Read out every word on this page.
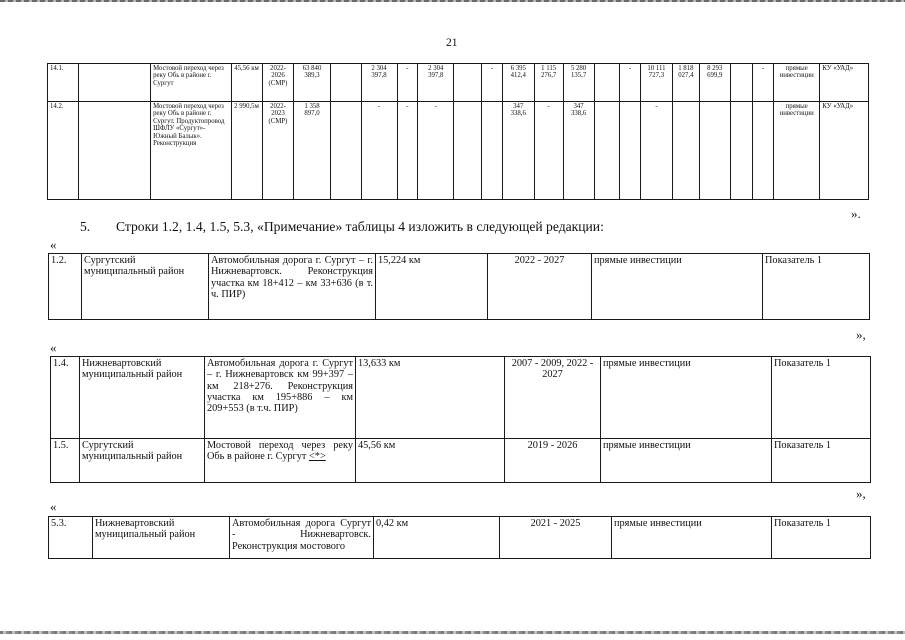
21
14.1.		Мостовой переход через реку Обь в районе г. Сургут	45,56 км	2022-2026 (СМР)	63 840 389,3		2 304 397,8	-	2 304 397,8		-	6 395 412,4	1 115 276,7	5 280 135,7		-	10 111 727,3	1 818 027,4	8 293 699,9		-	прямые инвестиции	КУ «УАД»
14.2.		Мостовой переход через реку Обь в районе г. Сургут. Продуктопровод ШФЛУ «Сургут»-Южный Балык». Реконструкция	2 990,5м	2022-2023 (СМР)	1 358 897,0		-	-	-			347 338,6	-	347 338,6			-					прямые инвестиции	КУ «УАД»
».
5. Строки 1.2, 1.4, 1.5, 5.3, «Примечание» таблицы 4 изложить в следующей редакции:
«
1.2.	Сургутский муниципальный район	Автомобильная дорога г. Сургут – г. Нижневартовск. Реконструкция участка км 18+412 – км 33+636 (в т. ч. ПИР)	15,224 км	2022 - 2027	прямые инвестиции	Показатель 1
»,
«
1.4.	Нижневартовский муниципальный район	Автомобильная дорога г. Сургут – г. Нижневартовск км 99+397 – км 218+276. Реконструкция участка км 195+886 – км 209+553 (в т.ч. ПИР)	13,633 км	2007 - 2009, 2022 - 2027	прямые инвестиции	Показатель 1
1.5.	Сургутский муниципальный район	Мостовой переход через реку Обь в районе г. Сургут <*>	45,56 км	2019 - 2026	прямые инвестиции	Показатель 1
»,
«
5.3.	Нижневартовский муниципальный район	Автомобильная дорога Сургут - Нижневартовск. Реконструкция мостового	0,42 км	2021 - 2025	прямые инвестиции	Показатель 1
